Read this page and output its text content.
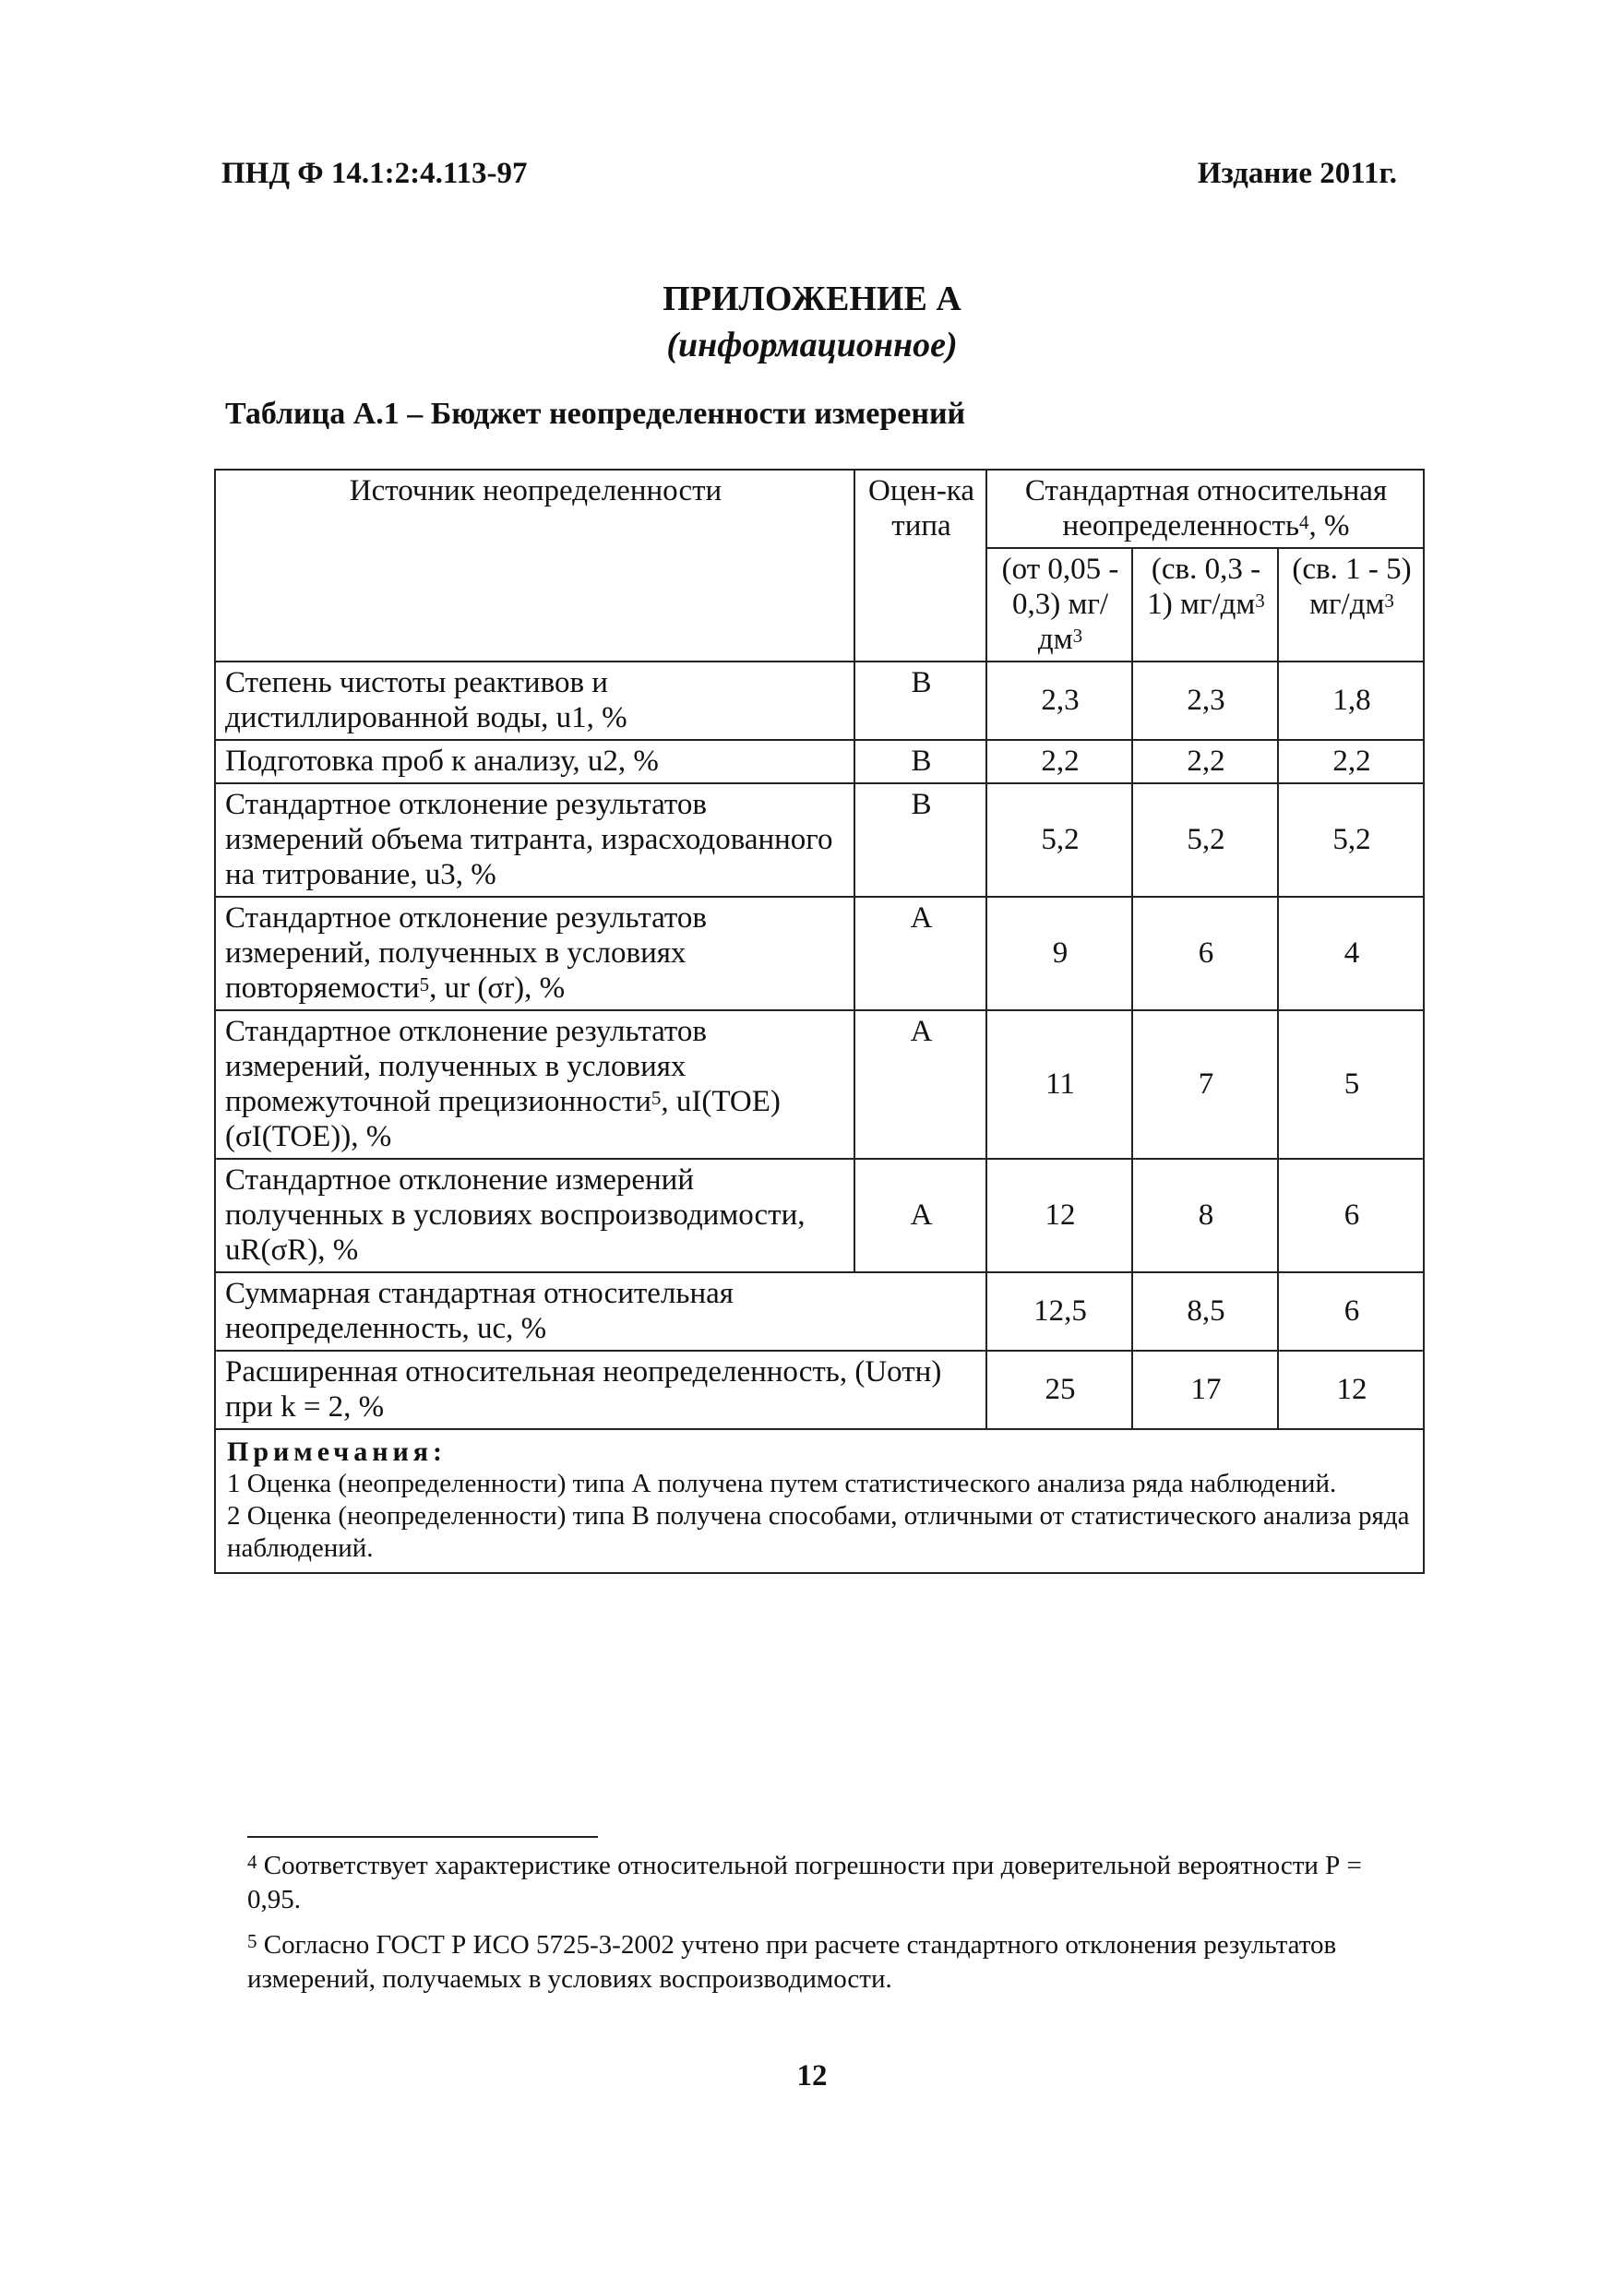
ПНД Ф 14.1:2:4.113-97	Издание 2011г.
ПРИЛОЖЕНИЕ А
(информационное)
Таблица А.1 – Бюджет неопределенности измерений
Источник неопределенности	Оцен-ка типа	Стандартная относительная неопределенность$^4$, %		
		(от 0,05 - 0,3) $мг/дм^3$	(св. 0,3 - 1) $мг/дм^3$	(св. 1 - 5) $мг/дм^3$
Степень чистоты реактивов и дистиллированной воды, u1, %	В	2,3	2,3	1,8
Подготовка проб к анализу, u2, %	В	2,2	2,2	2,2
Стандартное отклонение результатов измерений объема титранта, израсходованного на титрование, u3, %	В	5,2	5,2	5,2
Стандартное отклонение результатов измерений, полученных в условиях повторяемости$^5$, ur (σr), %	А	9	6	4
Стандартное отклонение результатов измерений, полученных в условиях промежуточной прецизионности$^5$, uI(TOE) (σI(TOE)), %	А	11	7	5
Стандартное отклонение измерений полученных в условиях воспроизводимости, uR(σR), %	А	12	8	6
Суммарная стандартная относительная неопределенность, uc, %		12,5	8,5	6
Расширенная относительная неопределенность, (Uотн) при k = 2, %		25	17	12

Примечания:
1 Оценка (неопределенности) типа А получена путем статистического анализа ряда наблюдений.
2 Оценка (неопределенности) типа В получена способами, отличными от статистического анализа ряда наблюдений.				
$^4$ Соответствует характеристике относительной погрешности при доверительной вероятности Р = 0,95.
$^5$ Согласно ГОСТ Р ИСО 5725-3-2002 учтено при расчете стандартного отклонения результатов измерений, получаемых в условиях воспроизводимости.
12
